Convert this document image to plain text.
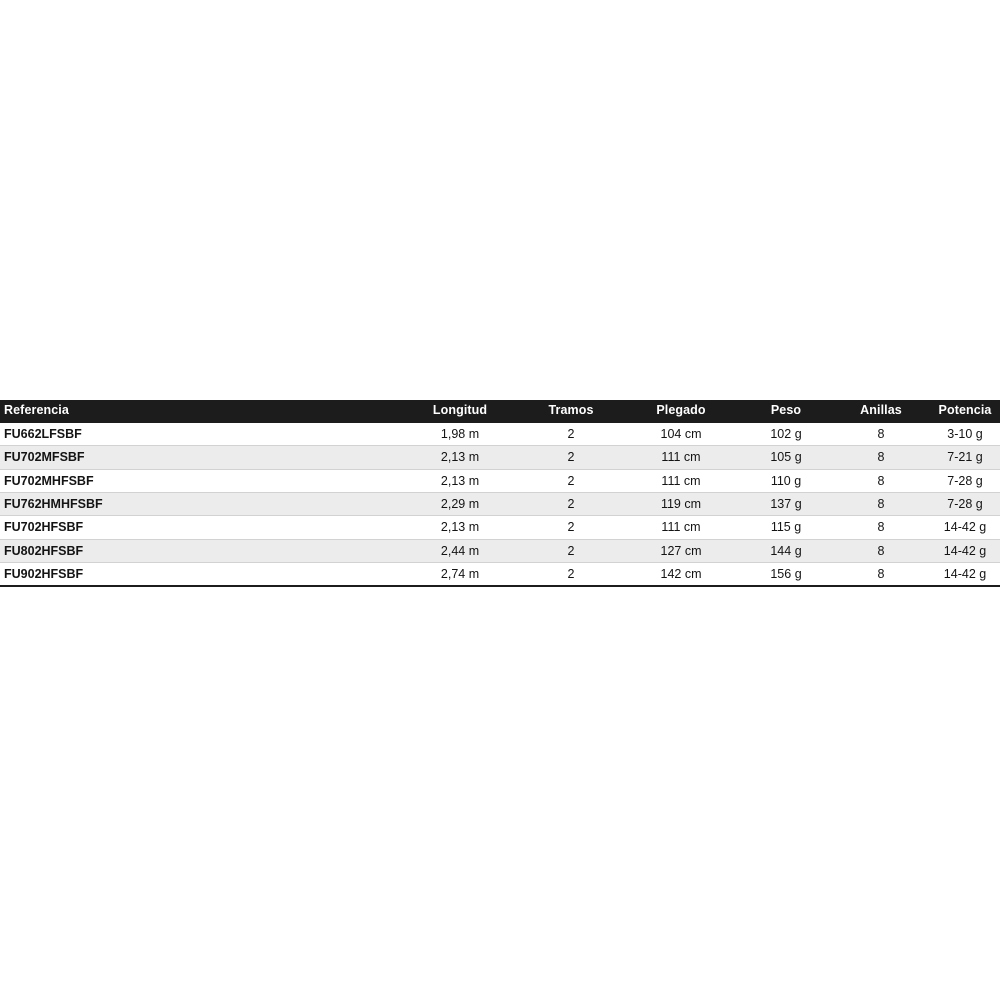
Referencia	Longitud	Tramos	Plegado	Peso	Anillas	Potencia
FU662LFSBF	1,98 m	2	104 cm	102 g	8	3-10 g
FU702MFSBF	2,13 m	2	111 cm	105 g	8	7-21 g
FU702MHFSBF	2,13 m	2	111 cm	110 g	8	7-28 g
FU762HMHFSBF	2,29 m	2	119 cm	137 g	8	7-28 g
FU702HFSBF	2,13 m	2	111 cm	115 g	8	14-42 g
FU802HFSBF	2,44 m	2	127 cm	144 g	8	14-42 g
FU902HFSBF	2,74 m	2	142 cm	156 g	8	14-42 g
